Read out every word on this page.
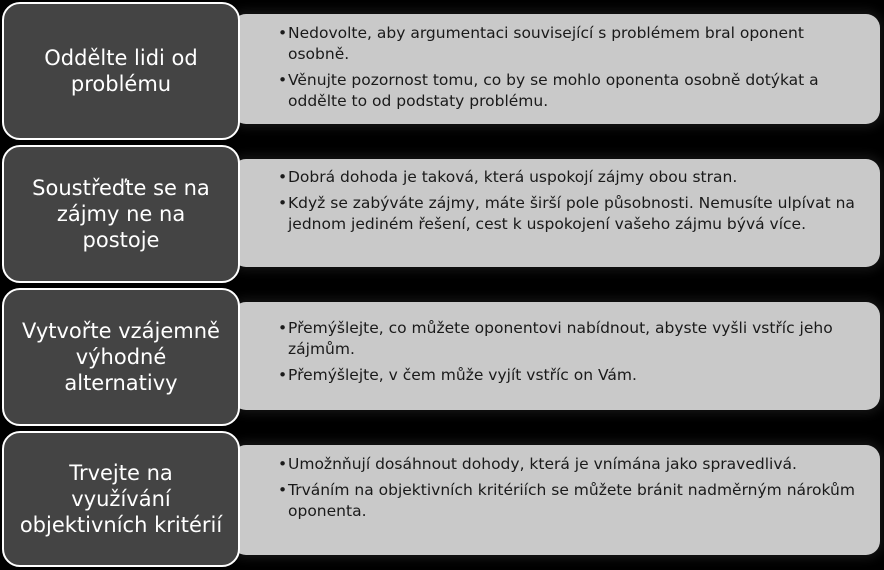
• Nedovolte, aby argumentaci související s problémem bral oponent osobně.
• Věnujte pozornost tomu, co by se mohlo oponenta osobně dotýkat a oddělte to od podstaty problému.
Oddělte lidi od problému
• Dobrá dohoda je taková, která uspokojí zájmy obou stran.
• Když se zabýváte zájmy, máte širší pole působnosti. Nemusíte ulpívat na jednom jediném řešení, cest k uspokojení vašeho zájmu bývá více.
Soustřeďte se na zájmy ne na postoje
• Přemýšlejte, co můžete oponentovi nabídnout, abyste vyšli vstříc jeho zájmům.
• Přemýšlejte, v čem může vyjít vstříc on Vám.
Vytvořte vzájemně výhodné alternativy
• Umožnňují dosáhnout dohody, která je vnímána jako spravedlivá.
• Trváním na objektivních kritériích se můžete bránit nadměrným nárokům oponenta.
Trvejte na využívání objektivních kritérií
